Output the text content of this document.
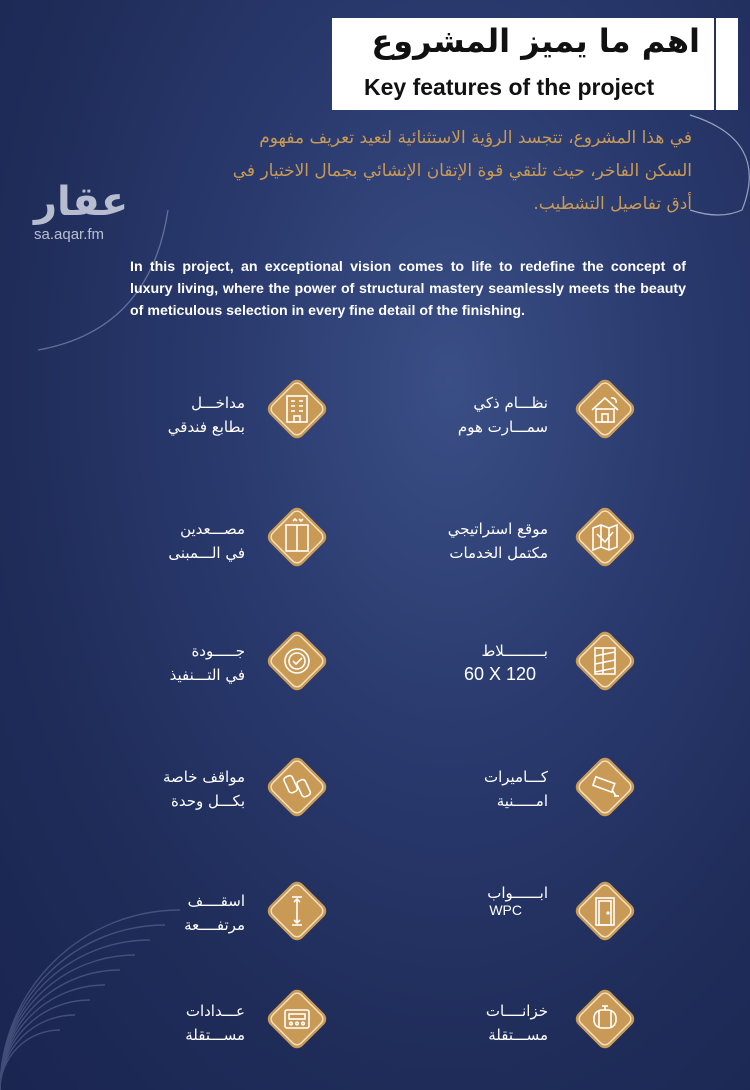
اهم ما يميز المشروع
Key features of the project
في هذا المشروع، تتجسد الرؤية الاستثنائية لتعيد تعريف مفهوم
السكن الفاخر، حيث تلتقي قوة الإتقان الإنشائي بجمال الاختيار في
أدق تفاصيل التشطيب.
عقار
sa.aqar.fm
In this project, an exceptional vision comes to life to redefine the concept of luxury living, where the power of structural mastery seamlessly meets the beauty of meticulous selection in every fine detail of the finishing.
مداخـــل
بطابع فندقي
نظـــام ذكي
سمـــارت هوم
مصـــعدين
في الـــمبنى
موقع استراتيجي
مكتمل الخدمات
جـــــودة
في التـــنفيذ
بـــــــــلاط
60 X 120
مواقف خاصة
بكـــل وحدة
كـــاميرات
امـــــنية
اسقــــف
مرتفــــعة
ابــــــواب
WPC
عـــدادات
مســـتقلة
خزانــــات
مســـتقلة
